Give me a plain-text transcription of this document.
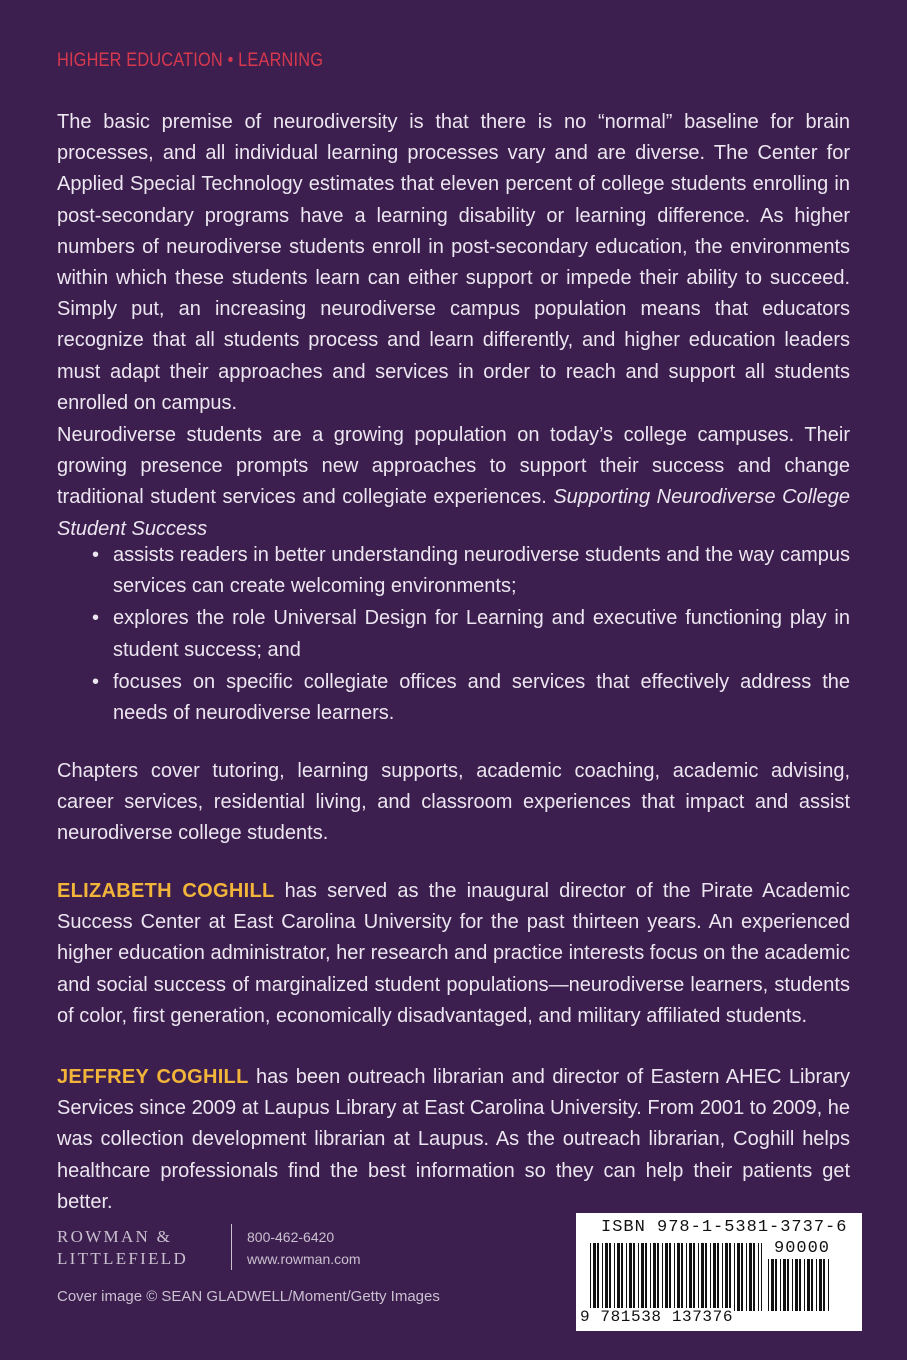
HIGHER EDUCATION • LEARNING
The basic premise of neurodiversity is that there is no “normal” baseline for brain processes, and all individual learning processes vary and are diverse. The Center for Applied Special Technology estimates that eleven percent of college students enrolling in post-secondary programs have a learning disability or learning difference. As higher numbers of neurodiverse students enroll in post-secondary education, the environments within which these students learn can either support or impede their ability to succeed. Simply put, an increasing neurodiverse campus population means that educators recognize that all students process and learn differently, and higher education leaders must adapt their approaches and services in order to reach and support all students enrolled on campus.
Neurodiverse students are a growing population on today’s college campuses. Their growing presence prompts new approaches to support their success and change traditional student services and collegiate experiences. Supporting Neurodiverse College Student Success
• assists readers in better understanding neurodiverse students and the way campus services can create welcoming environments;
• explores the role Universal Design for Learning and executive functioning play in student success; and
• focuses on specific collegiate offices and services that effectively address the needs of neurodiverse learners.
Chapters cover tutoring, learning supports, academic coaching, academic advising, career services, residential living, and classroom experiences that impact and assist neurodiverse college students.
ELIZABETH COGHILL has served as the inaugural director of the Pirate Academic Success Center at East Carolina University for the past thirteen years. An experienced higher education administrator, her research and practice interests focus on the academic and social success of marginalized student populations—neurodiverse learners, students of color, first generation, economically disadvantaged, and military affiliated students.
JEFFREY COGHILL has been outreach librarian and director of Eastern AHEC Library Services since 2009 at Laupus Library at East Carolina University. From 2001 to 2009, he was collection development librarian at Laupus. As the outreach librarian, Coghill helps healthcare professionals find the best information so they can help their patients get better.
ROWMAN &
LITTLEFIELD
800-462-6420
www.rowman.com
Cover image © SEAN GLADWELL/Moment/Getty Images
ISBN 978-1-5381-3737-6
90000
9 781538 137376
